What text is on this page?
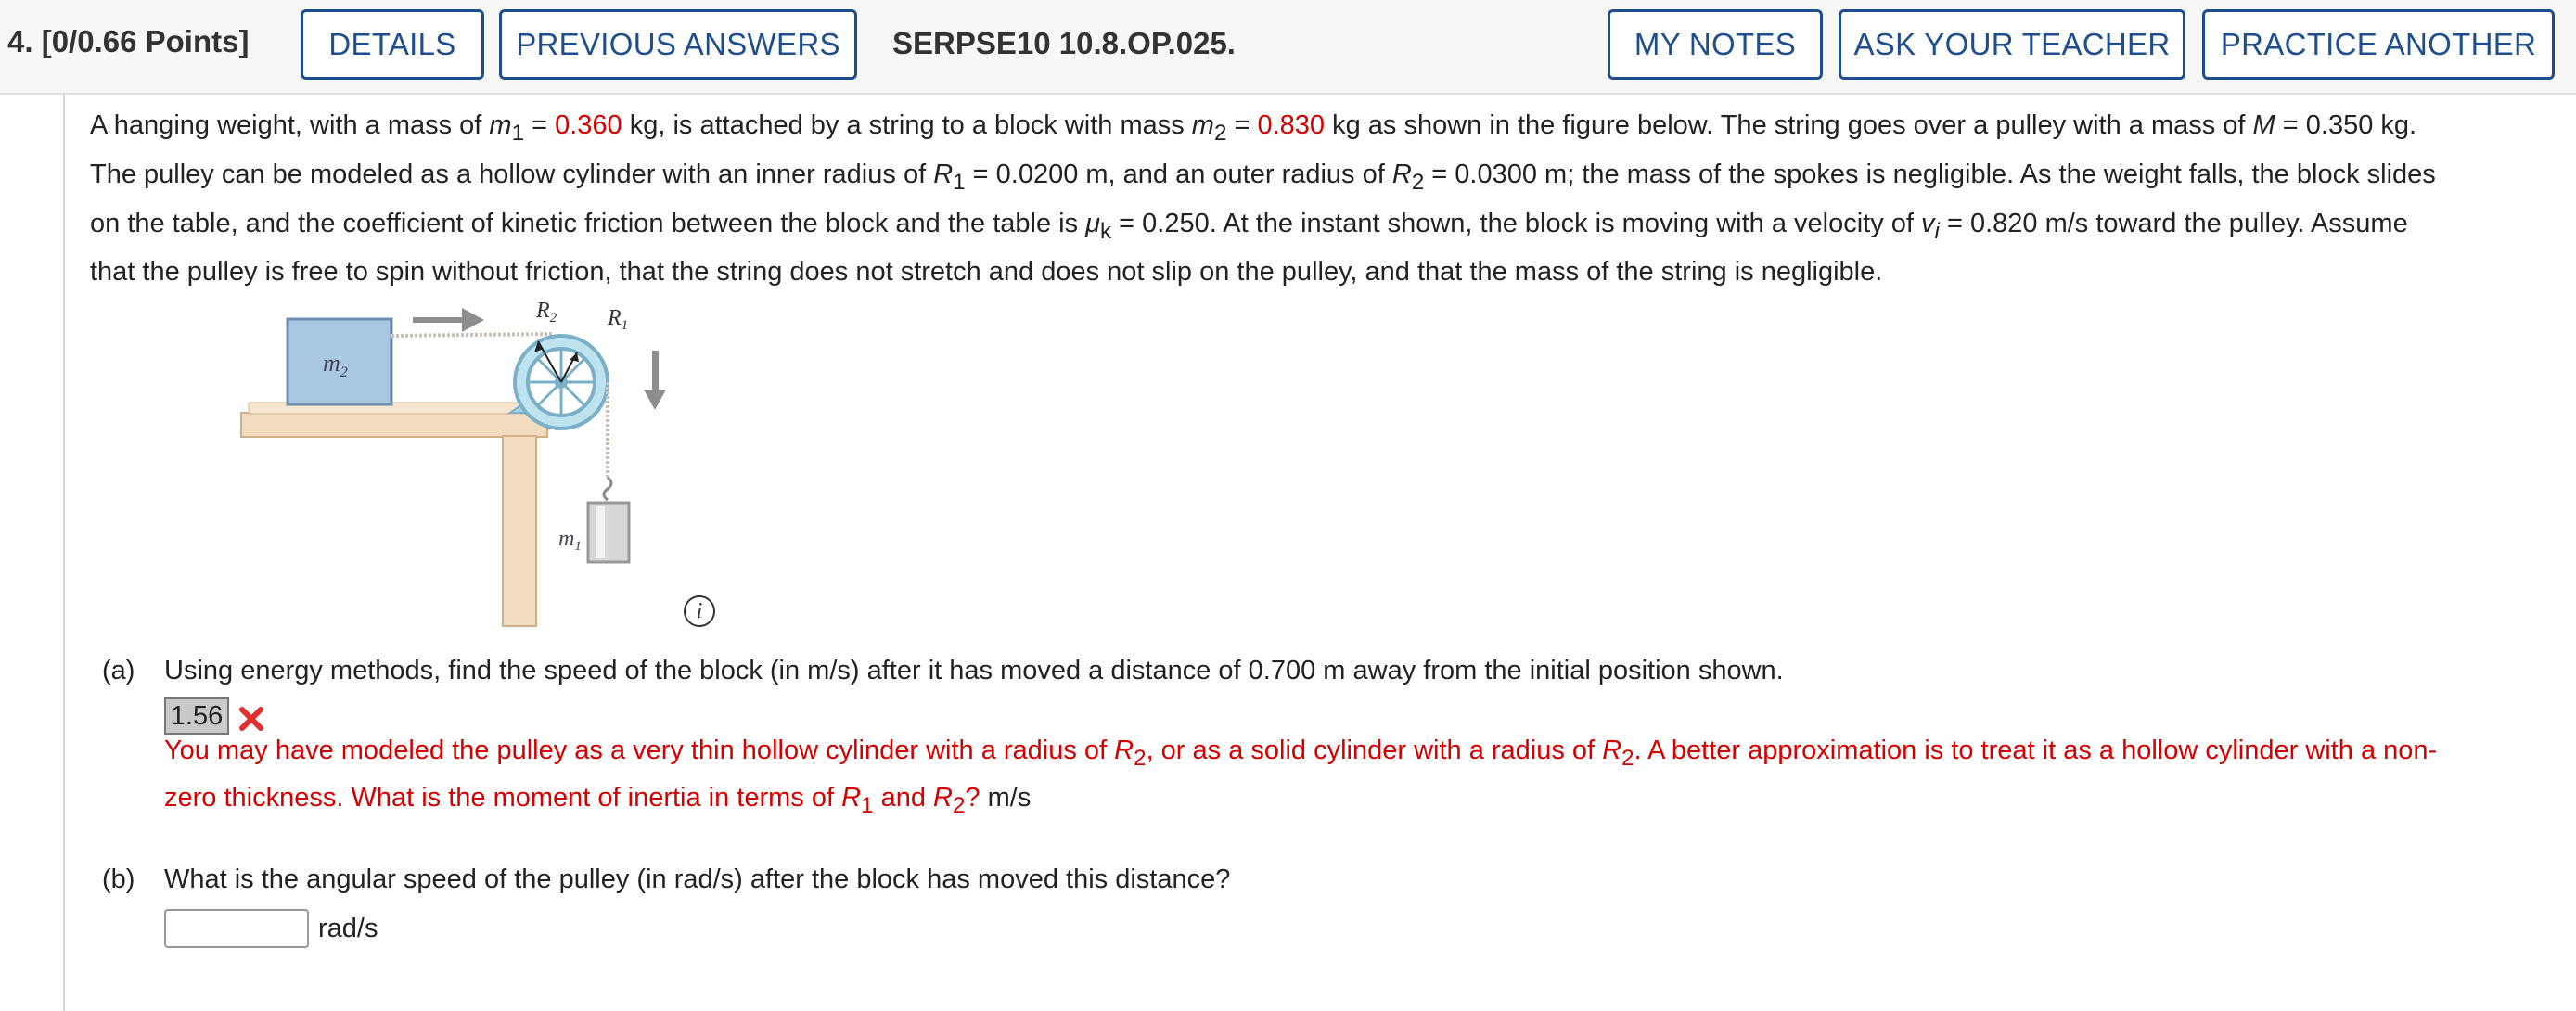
4. [0/0.66 Points]	DETAILS	PREVIOUS ANSWERS	SERPSE10 10.8.OP.025.	MY NOTES	ASK YOUR TEACHER	PRACTICE ANOTHER
A hanging weight, with a mass of $m_1 = 0.360$ kg, is attached by a string to a block with mass $m_2 = 0.830$ kg as shown in the figure below. The string goes over a pulley with a mass of M = 0.350 kg.
The pulley can be modeled as a hollow cylinder with an inner radius of $R_1 = 0.0200$ m, and an outer radius of $R_2 = 0.0300$ m; the mass of the spokes is negligible. As the weight falls, the block slides
on the table, and the coefficient of kinetic friction between the block and the table is $\mu_k = 0.250$. At the instant shown, the block is moving with a velocity of $v_i = 0.820$ m/s toward the pulley. Assume
that the pulley is free to spin without friction, that the string does not stretch and does not slip on the pulley, and that the mass of the string is negligible.
$m_2$
$R_2$ $R_1$
$m_1$
i
(a) Using energy methods, find the speed of the block (in m/s) after it has moved a distance of 0.700 m away from the initial position shown.
1.56
You may have modeled the pulley as a very thin hollow cylinder with a radius of $R_2$, or as a solid cylinder with a radius of $R_2$. A better approximation is to treat it as a hollow cylinder with a non-
zero thickness. What is the moment of inertia in terms of $R_1$ and $R_2$? m/s
(b) What is the angular speed of the pulley (in rad/s) after the block has moved this distance?
rad/s
